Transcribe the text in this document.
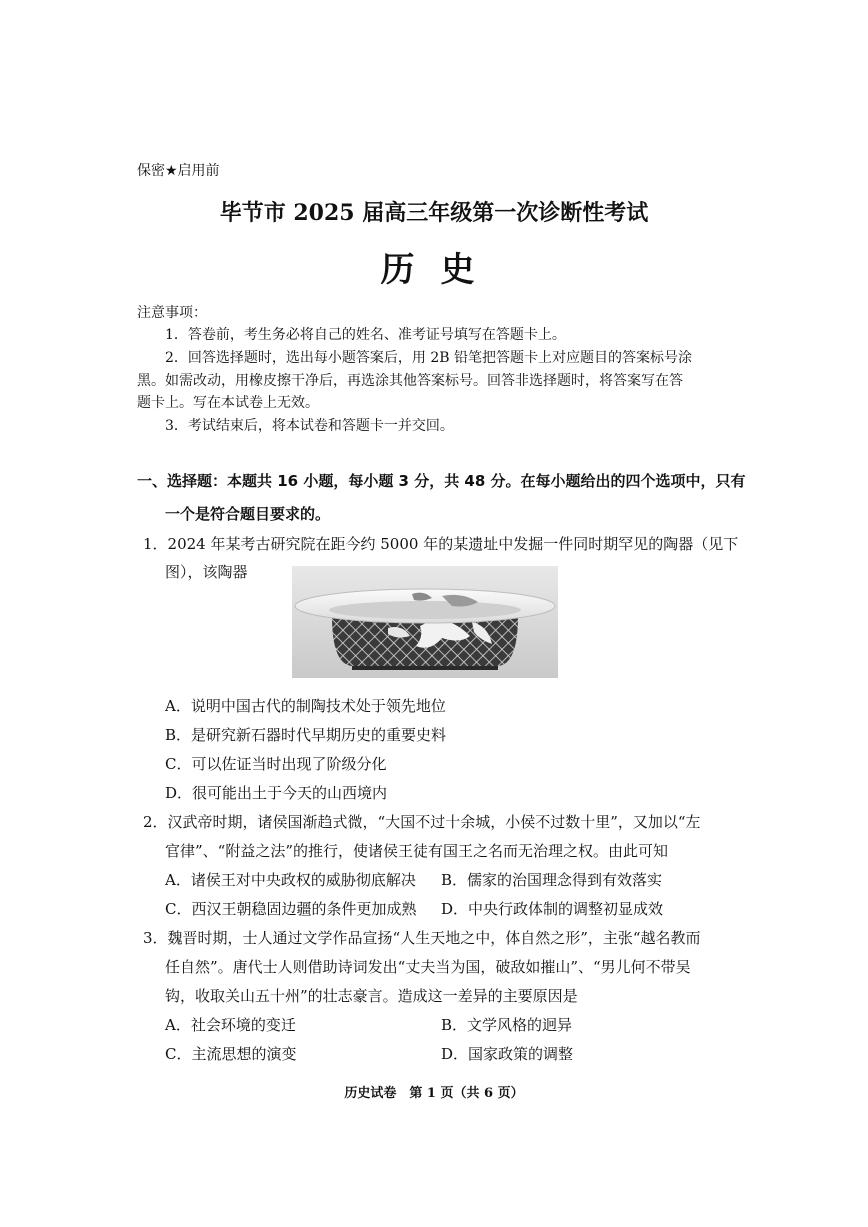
保密★启用前
毕节市 2025 届高三年级第一次诊断性考试
历史
注意事项：
1．答卷前，考生务必将自己的姓名、准考证号填写在答题卡上。
2．回答选择题时，选出每小题答案后，用 2B 铅笔把答题卡上对应题目的答案标号涂
黑。如需改动，用橡皮擦干净后，再选涂其他答案标号。回答非选择题时，将答案写在答
题卡上。写在本试卷上无效。
3．考试结束后，将本试卷和答题卡一并交回。
一、选择题：本题共 16 小题，每小题 3 分，共 48 分。在每小题给出的四个选项中，只有
一个是符合题目要求的。
1．2024 年某考古研究院在距今约 5000 年的某遗址中发掘一件同时期罕见的陶器（见下
图），该陶器
A．说明中国古代的制陶技术处于领先地位
B．是研究新石器时代早期历史的重要史料
C．可以佐证当时出现了阶级分化
D．很可能出土于今天的山西境内
2．汉武帝时期，诸侯国渐趋式微，“大国不过十余城，小侯不过数十里”，又加以“左
官律”、“附益之法”的推行，使诸侯王徒有国王之名而无治理之权。由此可知
A．诸侯王对中央政权的威胁彻底解决 B．儒家的治国理念得到有效落实
C．西汉王朝稳固边疆的条件更加成熟 D．中央行政体制的调整初显成效
3．魏晋时期，士人通过文学作品宣扬“人生天地之中，体自然之形”，主张“越名教而
任自然”。唐代士人则借助诗词发出“丈夫当为国，破敌如摧山”、“男儿何不带吴
钩，收取关山五十州”的壮志豪言。造成这一差异的主要原因是
A．社会环境的变迁	B．文学风格的迥异
C．主流思想的演变	D．国家政策的调整
历史试卷　第 1 页（共 6 页）
